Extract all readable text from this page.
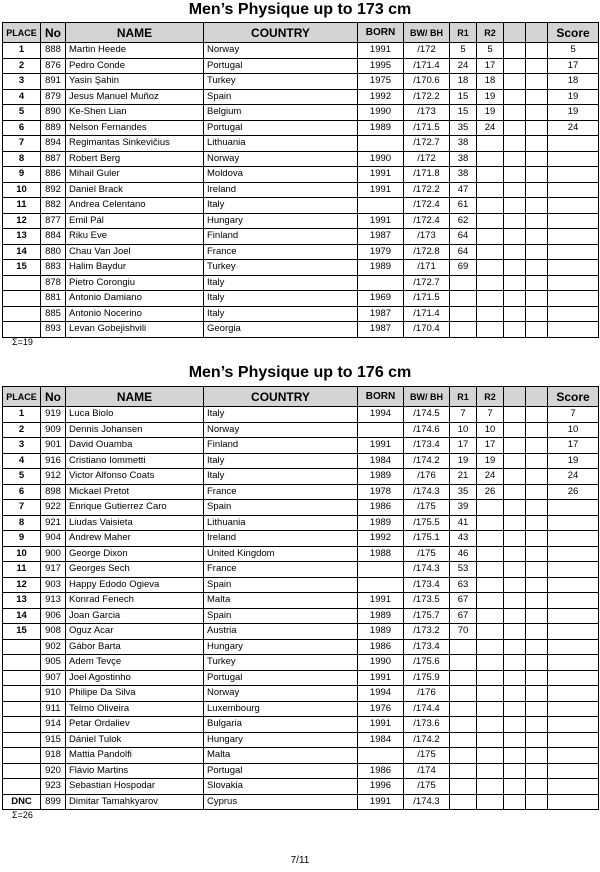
Men’s Physique up to 173 cm
PLACE	No	NAME	COUNTRY	BORN	BW/ BH	R1	R2			Score
1	888	Martin Heede	Norway	1991	/172	5	5			5
2	876	Pedro Conde	Portugal	1995	/171.4	24	17			17
3	891	Yasin Şahin	Turkey	1975	/170.6	18	18			18
4	879	Jesus Manuel Muñoz	Spain	1992	/172.2	15	19			19
5	890	Ke-Shen Lian	Belgium	1990	/173	15	19			19
6	889	Nelson Fernandes	Portugal	1989	/171.5	35	24			24
7	894	Regimantas Sinkevičius	Lithuania		/172.7	38				
8	887	Robert Berg	Norway	1990	/172	38				
9	886	Mihail Guler	Moldova	1991	/171.8	38				
10	892	Daniel Brack	Ireland	1991	/172.2	47				
11	882	Andrea Celentano	Italy		/172.4	61				
12	877	Emil Pál	Hungary	1991	/172.4	62				
13	884	Riku Eve	Finland	1987	/173	64				
14	880	Chau Van Joel	France	1979	/172.8	64				
15	883	Halim Baydur	Turkey	1989	/171	69				
	878	Pietro Corongiu	Italy		/172.7					
	881	Antonio Damiano	Italy	1969	/171.5					
	885	Antonio Nocerino	Italy	1987	/171.4					
	893	Levan Gobejishvili	Georgia	1987	/170.4					
Σ=19
Men’s Physique up to 176 cm
PLACE	No	NAME	COUNTRY	BORN	BW/ BH	R1	R2			Score
1	919	Luca Biolo	Italy	1994	/174.5	7	7			7
2	909	Dennis Johansen	Norway		/174.6	10	10			10
3	901	David Ouamba	Finland	1991	/173.4	17	17			17
4	916	Cristiano Iommetti	Italy	1984	/174.2	19	19			19
5	912	Victor Alfonso Coats	Italy	1989	/176	21	24			24
6	898	Mickael Pretot	France	1978	/174.3	35	26			26
7	922	Enrique Gutierrez Caro	Spain	1986	/175	39				
8	921	Liudas Vaisieta	Lithuania	1989	/175.5	41				
9	904	Andrew Maher	Ireland	1992	/175.1	43				
10	900	George Dixon	United Kingdom	1988	/175	46				
11	917	Georges Sech	France		/174.3	53				
12	903	Happy Edodo Ogieva	Spain		/173.4	63				
13	913	Konrad Fenech	Malta	1991	/173.5	67				
14	906	Joan Garcia	Spain	1989	/175.7	67				
15	908	Oguz Acar	Austria	1989	/173.2	70				
	902	Gábor Barta	Hungary	1986	/173.4					
	905	Adem Tevçe	Turkey	1990	/175.6					
	907	Joel Agostinho	Portugal	1991	/175.9					
	910	Philipe Da Silva	Norway	1994	/176					
	911	Telmo Oliveira	Luxembourg	1976	/174.4					
	914	Petar Ordaliev	Bulgaria	1991	/173.6					
	915	Dániel Tulok	Hungary	1984	/174.2					
	918	Mattia Pandolfi	Malta		/175					
	920	Flávio Martins	Portugal	1986	/174					
	923	Sebastian Hospodar	Slovakia	1996	/175					
DNC	899	Dimitar Tamahkyarov	Cyprus	1991	/174.3					
Σ=26
7/11
